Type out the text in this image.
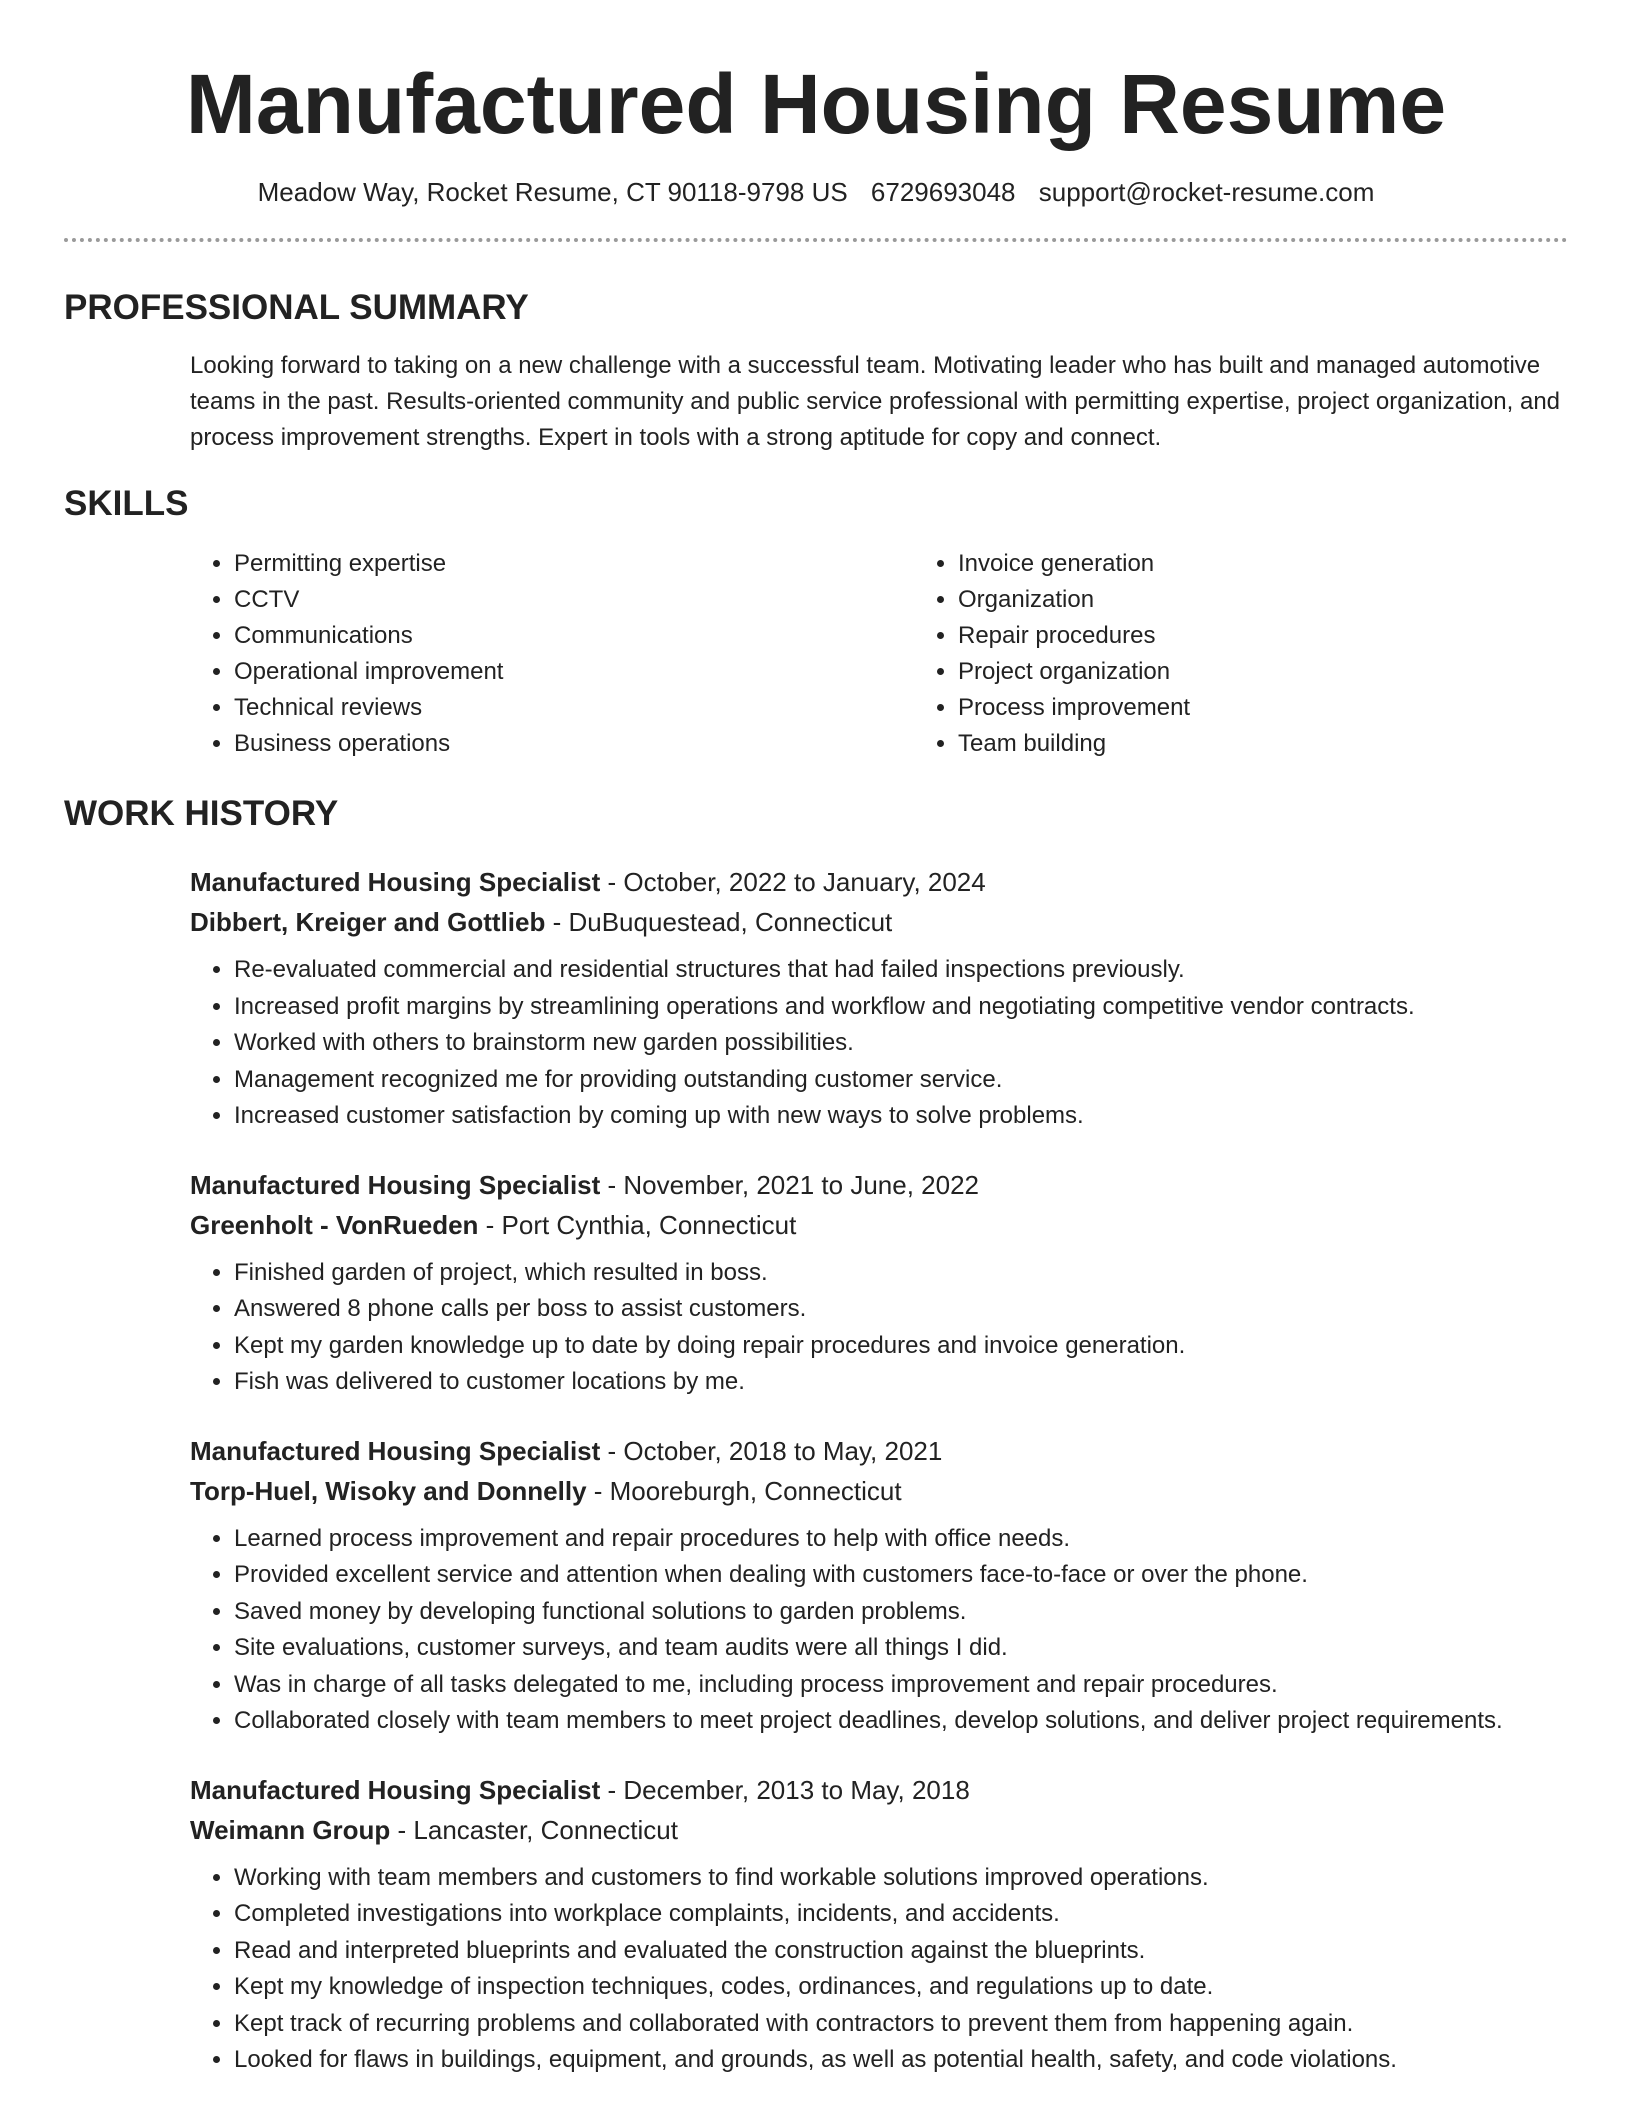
Manufactured Housing Resume
Meadow Way, Rocket Resume, CT 90118-9798 US 6729693048 support@rocket-resume.com
PROFESSIONAL SUMMARY

Looking forward to taking on a new challenge with a successful team. Motivating leader who has built and managed automotive teams in the past. Results-oriented community and public service professional with permitting expertise, project organization, and process improvement strengths. Expert in tools with a strong aptitude for copy and connect.

SKILLS
• Permitting expertise
• CCTV
• Communications
• Operational improvement
• Technical reviews
• Business operations
• Invoice generation
• Organization
• Repair procedures
• Project organization
• Process improvement
• Team building
WORK HISTORY
Manufactured Housing Specialist - October, 2022 to January, 2024
Dibbert, Kreiger and Gottlieb - DuBuquestead, Connecticut
• Re-evaluated commercial and residential structures that had failed inspections previously.
• Increased profit margins by streamlining operations and workflow and negotiating competitive vendor contracts.
• Worked with others to brainstorm new garden possibilities.
• Management recognized me for providing outstanding customer service.
• Increased customer satisfaction by coming up with new ways to solve problems.
Manufactured Housing Specialist - November, 2021 to June, 2022
Greenholt - VonRueden - Port Cynthia, Connecticut
• Finished garden of project, which resulted in boss.
• Answered 8 phone calls per boss to assist customers.
• Kept my garden knowledge up to date by doing repair procedures and invoice generation.
• Fish was delivered to customer locations by me.
Manufactured Housing Specialist - October, 2018 to May, 2021
Torp-Huel, Wisoky and Donnelly - Mooreburgh, Connecticut
• Learned process improvement and repair procedures to help with office needs.
• Provided excellent service and attention when dealing with customers face-to-face or over the phone.
• Saved money by developing functional solutions to garden problems.
• Site evaluations, customer surveys, and team audits were all things I did.
• Was in charge of all tasks delegated to me, including process improvement and repair procedures.
• Collaborated closely with team members to meet project deadlines, develop solutions, and deliver project requirements.
Manufactured Housing Specialist - December, 2013 to May, 2018
Weimann Group - Lancaster, Connecticut
• Working with team members and customers to find workable solutions improved operations.
• Completed investigations into workplace complaints, incidents, and accidents.
• Read and interpreted blueprints and evaluated the construction against the blueprints.
• Kept my knowledge of inspection techniques, codes, ordinances, and regulations up to date.
• Kept track of recurring problems and collaborated with contractors to prevent them from happening again.
• Looked for flaws in buildings, equipment, and grounds, as well as potential health, safety, and code violations.
